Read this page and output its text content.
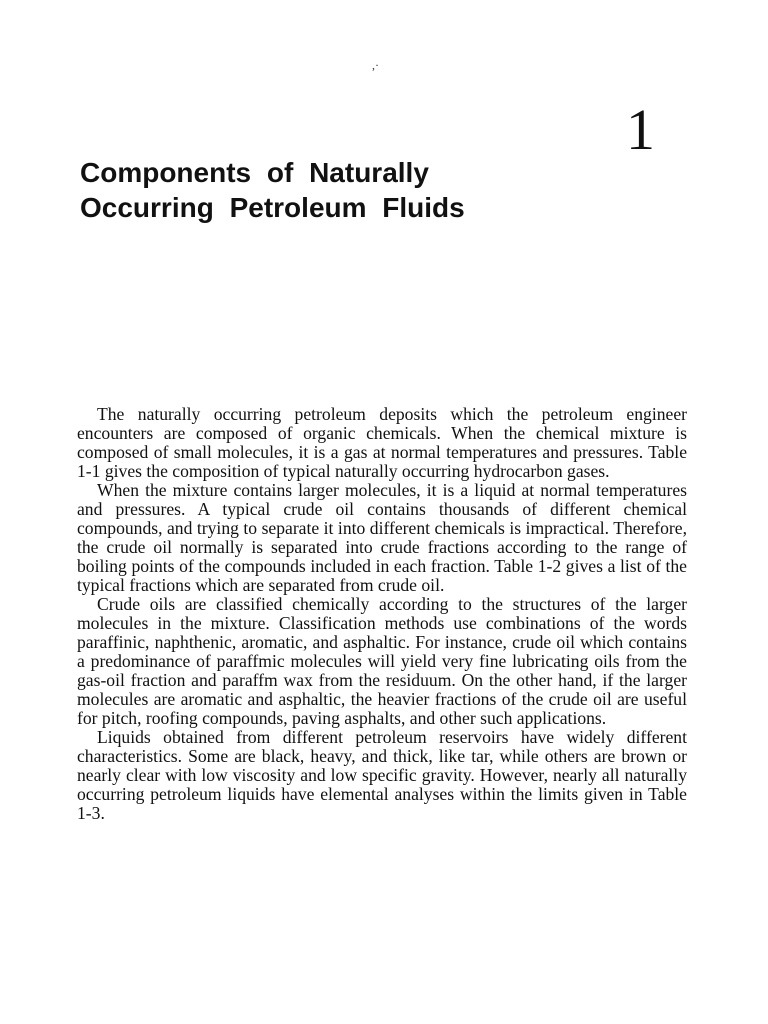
,·
1
Components of Naturally
Occurring Petroleum Fluids

The naturally occurring petroleum deposits which the petroleum engineer encounters are composed of organic chemicals. When the chemical mixture is composed of small molecules, it is a gas at normal temperatures and pressures. Table 1-1 gives the composition of typical naturally occurring hydrocarbon gases.

When the mixture contains larger molecules, it is a liquid at normal temperatures and pressures. A typical crude oil contains thousands of different chemical compounds, and trying to separate it into different chemicals is impractical. Therefore, the crude oil normally is separated into crude fractions according to the range of boiling points of the compounds included in each fraction. Table 1-2 gives a list of the typical fractions which are separated from crude oil.

Crude oils are classified chemically according to the structures of the larger molecules in the mixture. Classification methods use combinations of the words paraffinic, naphthenic, aromatic, and asphaltic. For instance, crude oil which contains a predominance of paraffmic molecules will yield very fine lubricating oils from the gas-oil fraction and paraffm wax from the residuum. On the other hand, if the larger molecules are aromatic and asphaltic, the heavier fractions of the crude oil are useful for pitch, roofing compounds, paving asphalts, and other such applications.

Liquids obtained from different petroleum reservoirs have widely different characteristics. Some are black, heavy, and thick, like tar, while others are brown or nearly clear with low viscosity and low specific gravity. However, nearly all naturally occurring petroleum liquids have elemental analyses within the limits given in Table 1-3.
